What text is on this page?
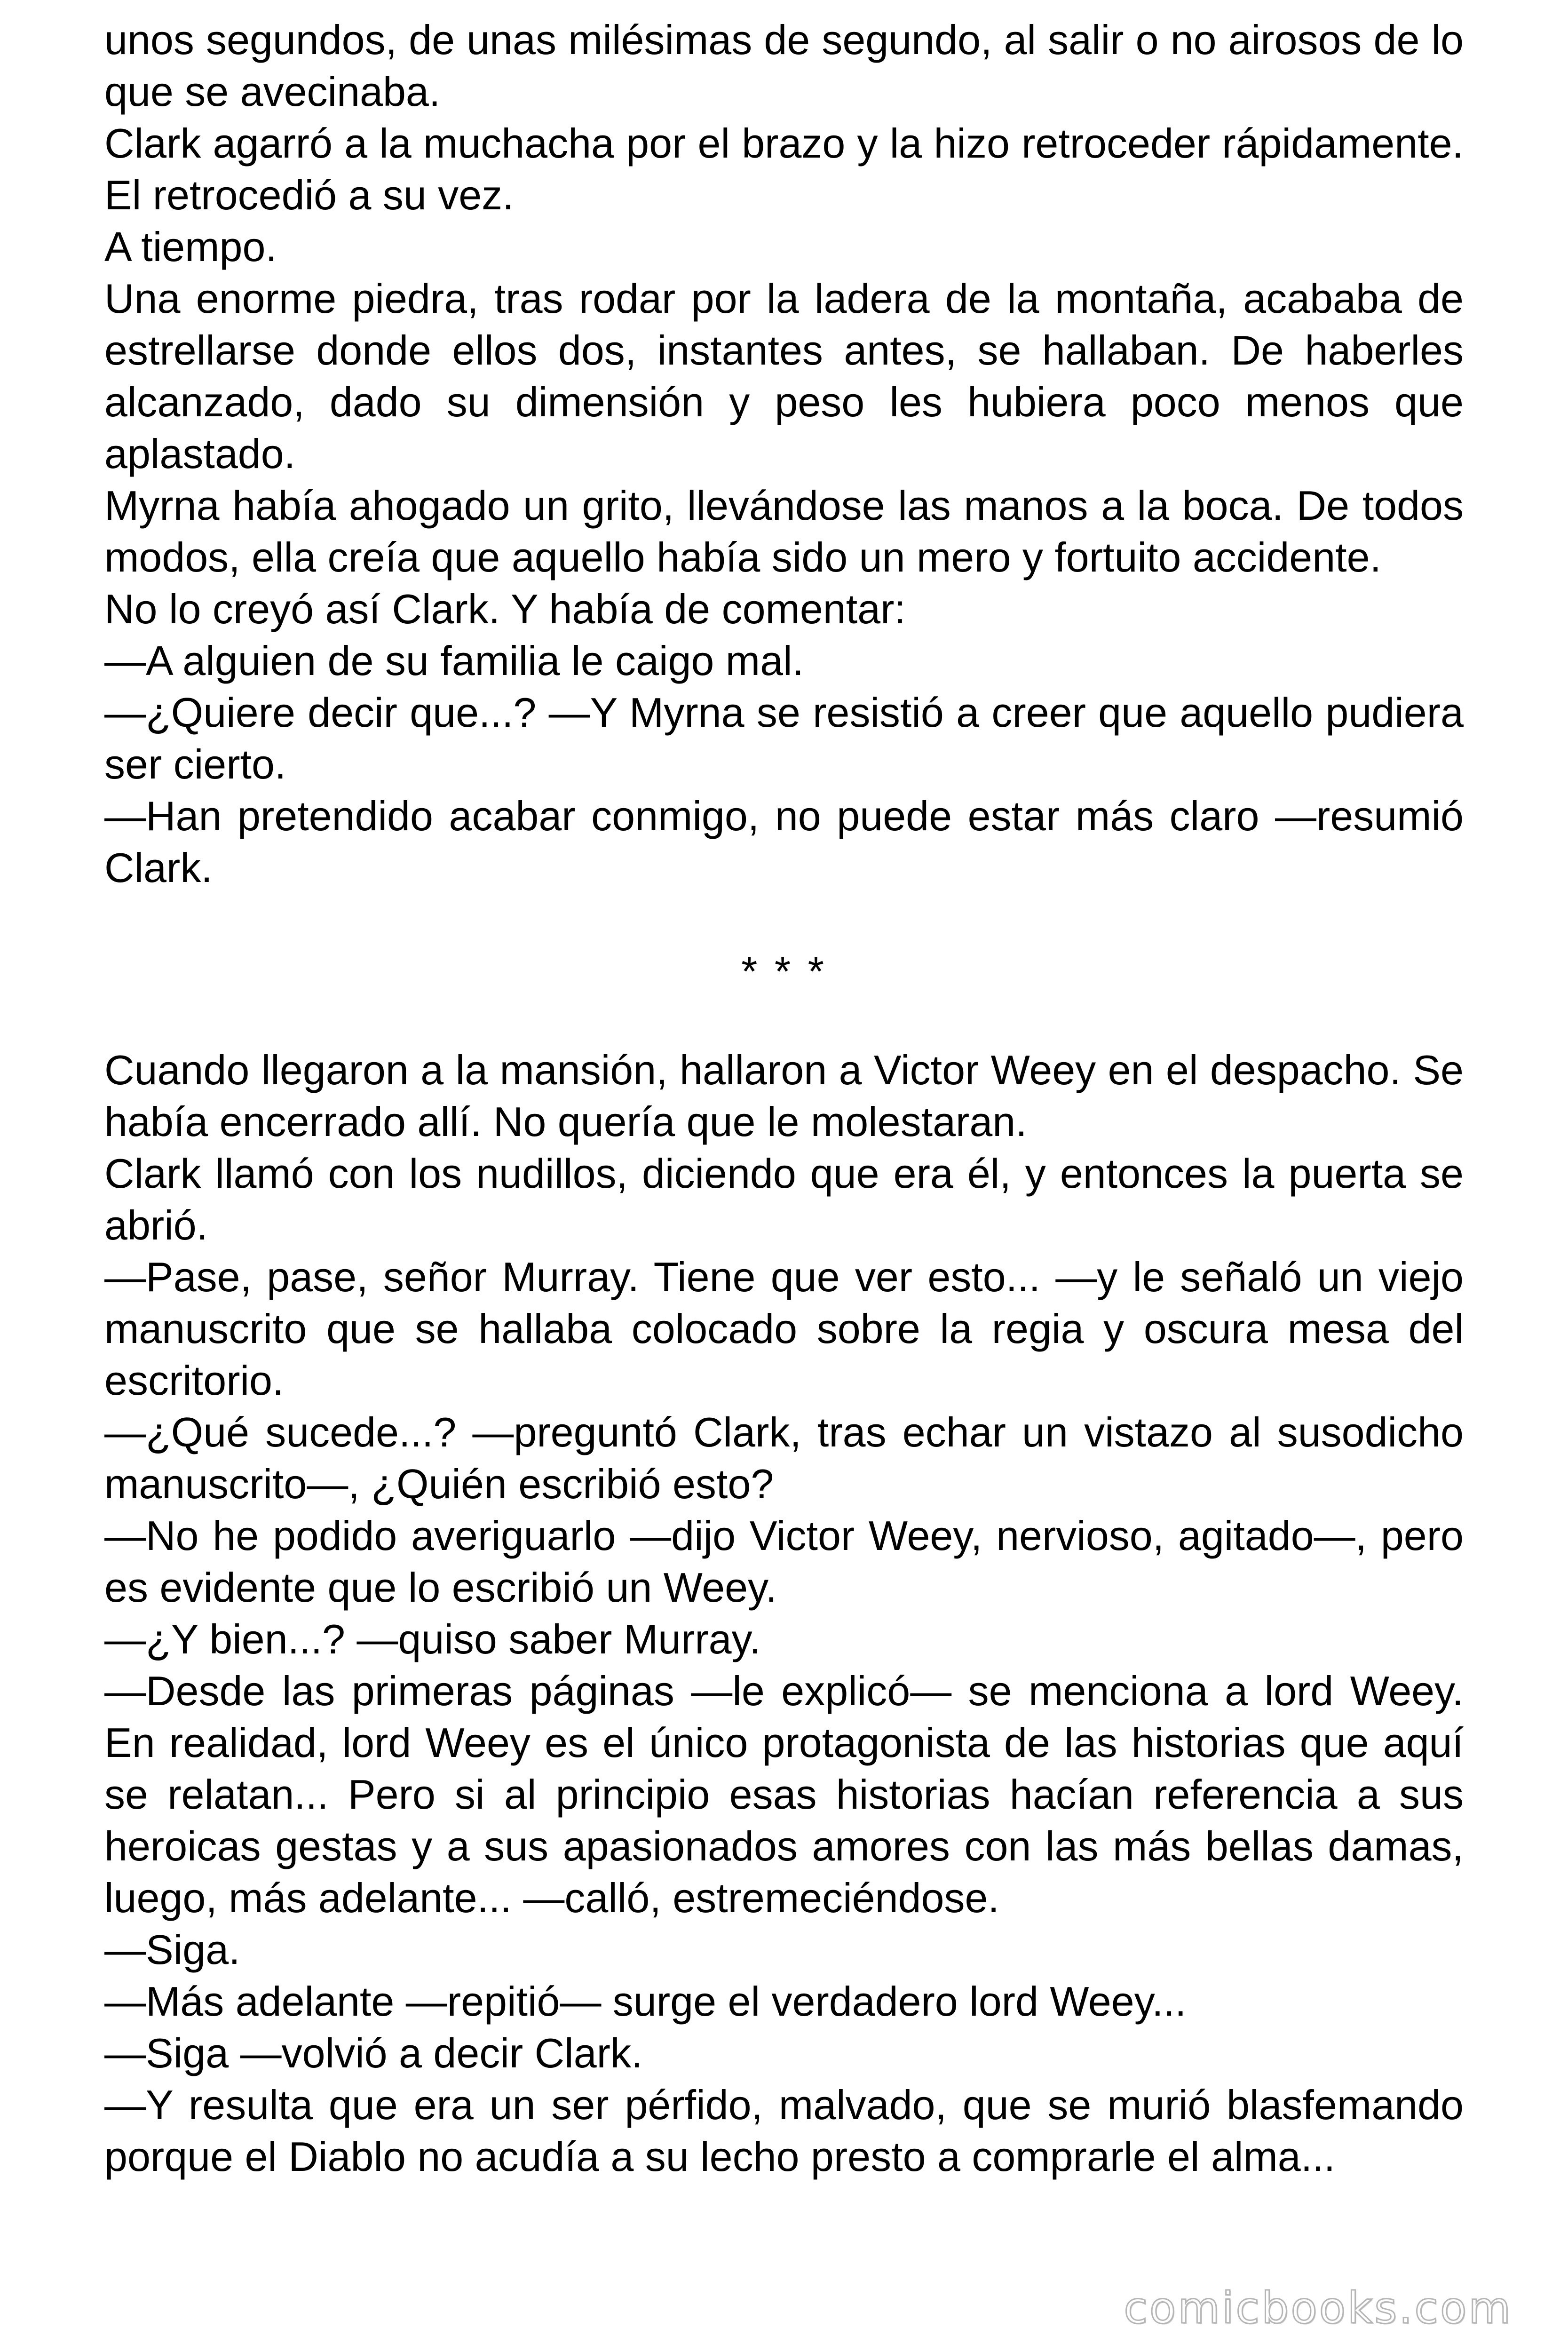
unos segundos, de unas milésimas de segundo, al salir o no airosos de lo que se avecinaba.

Clark agarró a la muchacha por el brazo y la hizo retroceder rápidamente. El retrocedió a su vez.

A tiempo.

Una enorme piedra, tras rodar por la ladera de la montaña, acababa de estrellarse donde ellos dos, instantes antes, se hallaban. De haberles alcanzado, dado su dimensión y peso les hubiera poco menos que aplastado.

Myrna había ahogado un grito, llevándose las manos a la boca. De todos modos, ella creía que aquello había sido un mero y fortuito accidente.

No lo creyó así Clark. Y había de comentar:

—A alguien de su familia le caigo mal.

—¿Quiere decir que...? —Y Myrna se resistió a creer que aquello pudiera ser cierto.

—Han pretendido acabar conmigo, no puede estar más claro —resumió Clark.

* * *

Cuando llegaron a la mansión, hallaron a Victor Weey en el despacho. Se había encerrado allí. No quería que le molestaran.

Clark llamó con los nudillos, diciendo que era él, y entonces la puerta se abrió.

—Pase, pase, señor Murray. Tiene que ver esto... —y le señaló un viejo manuscrito que se hallaba colocado sobre la regia y oscura mesa del escritorio.

—¿Qué sucede...? —preguntó Clark, tras echar un vistazo al susodicho manuscrito—, ¿Quién escribió esto?

—No he podido averiguarlo —dijo Victor Weey, nervioso, agitado—, pero es evidente que lo escribió un Weey.

—¿Y bien...? —quiso saber Murray.

—Desde las primeras páginas —le explicó— se menciona a lord Weey. En realidad, lord Weey es el único protagonista de las historias que aquí se relatan... Pero si al principio esas historias hacían referencia a sus heroicas gestas y a sus apasionados amores con las más bellas damas, luego, más adelante... —calló, estremeciéndose.

—Siga.

—Más adelante —repitió— surge el verdadero lord Weey...

—Siga —volvió a decir Clark.

—Y resulta que era un ser pérfido, malvado, que se murió blasfemando porque el Diablo no acudía a su lecho presto a comprarle el alma...

comicbooks.com
